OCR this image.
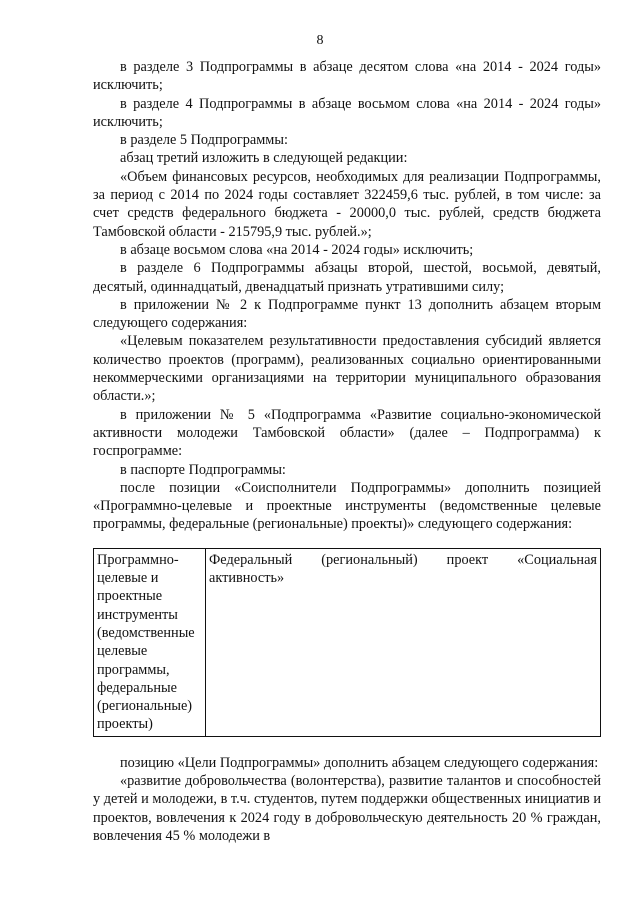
8

в разделе 3 Подпрограммы в абзаце десятом слова «на 2014 - 2024 годы» исключить;

в разделе 4 Подпрограммы в абзаце восьмом слова «на 2014 - 2024 годы» исключить;

в разделе 5 Подпрограммы:

абзац третий изложить в следующей редакции:

«Объем финансовых ресурсов, необходимых для реализации Подпрограммы, за период с 2014 по 2024 годы составляет 322459,6 тыс. рублей, в том числе: за счет средств федерального бюджета - 20000,0 тыс. рублей, средств бюджета Тамбовской области - 215795,9 тыс. рублей.»;

в абзаце восьмом слова «на 2014 - 2024 годы» исключить;

в разделе 6 Подпрограммы абзацы второй, шестой, восьмой, девятый, десятый, одиннадцатый, двенадцатый признать утратившими силу;

в приложении № 2 к Подпрограмме пункт 13 дополнить абзацем вторым следующего содержания:

«Целевым показателем результативности предоставления субсидий является количество проектов (программ), реализованных социально ориентированными некоммерческими организациями на территории муниципального образования области.»;

в приложении № 5 «Подпрограмма «Развитие социально-экономической активности молодежи Тамбовской области» (далее – Подпрограмма) к госпрограмме:

в паспорте Подпрограммы:

после позиции «Соисполнители Подпрограммы» дополнить позицией «Программно-целевые и проектные инструменты (ведомственные целевые программы, федеральные (региональные) проекты)» следующего содержания:

Программно-целевые и проектные инструменты (ведомственные целевые программы, федеральные (региональные) проекты)	Федеральный (региональный) проект «Социальная активность»

позицию «Цели Подпрограммы» дополнить абзацем следующего содержания:

«развитие добровольчества (волонтерства), развитие талантов и способностей у детей и молодежи, в т.ч. студентов, путем поддержки общественных инициатив и проектов, вовлечения к 2024 году в добровольческую деятельность 20 % граждан, вовлечения 45 % молодежи в
